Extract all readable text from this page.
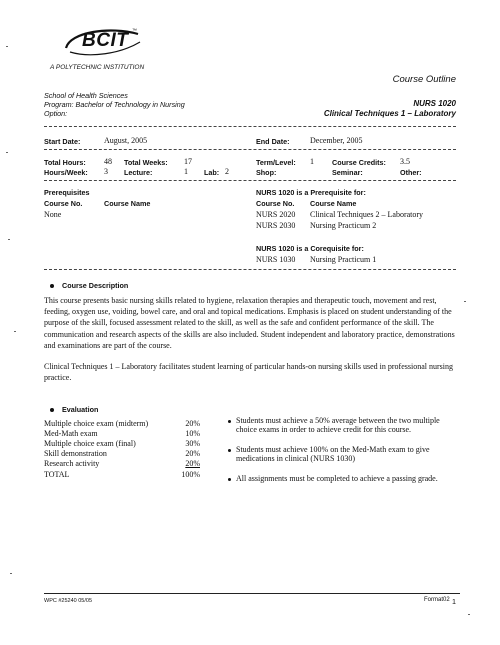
BCIT ™
A POLYTECHNIC INSTITUTION
Course Outline
School of Health Sciences
Program: Bachelor of Technology in Nursing
Option:
NURS 1020
Clinical Techniques 1 – Laboratory
Start Date:	August, 2005	End Date:	December, 2005
Total Hours: 48 Total Weeks: 17
Hours/Week: 3 Lecture:	1 Lab: 2
Term/Level: 1	Course Credits: 3.5
Shop:	Seminar:	Other:
Prerequisites
Course No.	Course Name
None
NURS 1020 is a Prerequisite for:
Course No. Course Name
NURS 2020 Clinical Techniques 2 – Laboratory
NURS 2030 Nursing Practicum 2
NURS 1020 is a Corequisite for:
NURS 1030 Nursing Practicum 1
Course Description
This course presents basic nursing skills related to hygiene, relaxation therapies and therapeutic touch, movement and rest, feeding, oxygen use, voiding, bowel care, and oral and topical medications. Emphasis is placed on student understanding of the purpose of the skill, focused assessment related to the skill, as well as the safe and confident performance of the skill. The communication and research aspects of the skills are also included. Student independent and laboratory practice, demonstrations and examinations are part of the course.
Clinical Techniques 1 – Laboratory facilitates student learning of particular hands-on nursing skills used in professional nursing practice.
Evaluation
Multiple choice exam (midterm)	20%
Med-Math exam	10%
Multiple choice exam (final)	30%
Skill demonstration	20%
Research activity	20%
TOTAL	100%
Students must achieve a 50% average between the two multiple choice exams in order to achieve credit for this course.
Students must achieve 100% on the Med-Math exam to give medications in clinical (NURS 1030)
All assignments must be completed to achieve a passing grade.
WPC #25240 05/05	Format02 1
